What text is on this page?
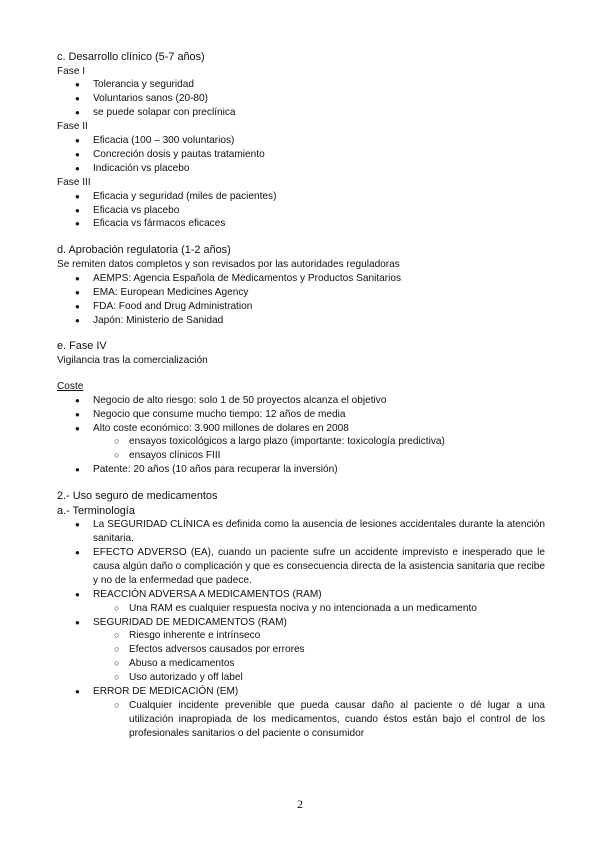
c. Desarrollo clínico (5-7 años)
Fase I
● Tolerancia y seguridad
● Voluntarios sanos (20-80)
● se puede solapar con preclínica
Fase II
● Eficacia (100 – 300 voluntarios)
● Concreción dosis y pautas tratamiento
● Indicación vs placebo
Fase III
● Eficacia y seguridad (miles de pacientes)
● Eficacia vs placebo
● Eficacia vs fármacos eficaces
d. Aprobación regulatoria (1-2 años)
Se remiten datos completos y son revisados por las autoridades reguladoras
● AEMPS: Agencia Española de Medicamentos y Productos Sanitarios
● EMA: European Medicines Agency
● FDA: Food and Drug Administration
● Japón: Ministerio de Sanidad
e. Fase IV
Vigilancia tras la comercialización
Coste
● Negocio de alto riesgo: solo 1 de 50 proyectos alcanza el objetivo
● Negocio que consume mucho tiempo: 12 años de media
● Alto coste económico: 3.900 millones de dolares en 2008
○ ensayos toxicológicos a largo plazo (importante: toxicología predictiva)
○ ensayos clínicos FIII
● Patente: 20 años (10 años para recuperar la inversión)
2.- Uso seguro de medicamentos
a.- Terminología
● La SEGURIDAD CLÍNICA es definida como la ausencia de lesiones accidentales durante la atención sanitaria.
● EFECTO ADVERSO (EA), cuando un paciente sufre un accidente imprevisto e inesperado que le causa algún daño o complicación y que es consecuencia directa de la asistencia sanitaria que recibe y no de la enfermedad que padece.
● REACCIÓN ADVERSA A MEDICAMENTOS (RAM)
○ Una RAM es cualquier respuesta nociva y no intencionada a un medicamento
● SEGURIDAD DE MEDICAMENTOS (RAM)
○ Riesgo inherente e intrínseco
○ Efectos adversos causados por errores
○ Abuso a medicamentos
○ Uso autorizado y off label
● ERROR DE MEDICACIÓN (EM)
○ Cualquier incidente prevenible que pueda causar daño al paciente o dé lugar a una utilización inapropiada de los medicamentos, cuando éstos están bajo el control de los profesionales sanitarios o del paciente o consumidor
2
